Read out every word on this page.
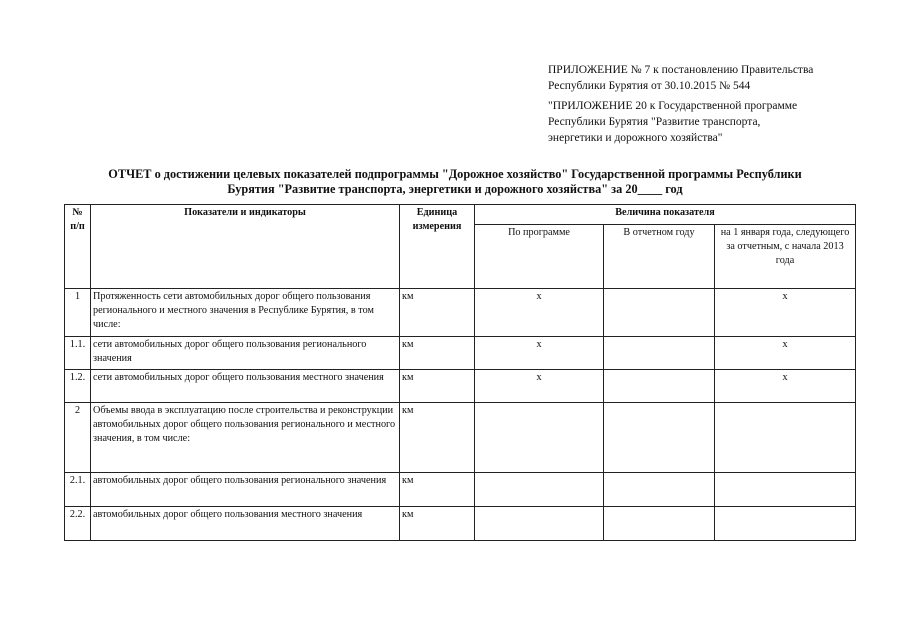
ПРИЛОЖЕНИЕ № 7 к постановлению Правительства
Республики Бурятия от 30.10.2015 № 544
"ПРИЛОЖЕНИЕ 20 к Государственной программе
Республики Бурятия "Развитие транспорта,
энергетики и дорожного хозяйства"
ОТЧЕТ о достижении целевых показателей подпрограммы "Дорожное хозяйство" Государственной программы Республики
Бурятия "Развитие транспорта, энергетики и дорожного хозяйства" за 20____ год
№ п/п	Показатели и индикаторы	Единица измерения	Величина показателя		
			По программе	В отчетном году	на 1 января года, следующего за отчетным, с начала 2013 года
1	Протяженность сети автомобильных дорог общего пользования регионального и местного значения в Республике Бурятия, в том числе:	км	х		х
1.1.	сети автомобильных дорог общего пользования регионального значения	км	х		х
1.2.	сети автомобильных дорог общего пользования местного значения	км	х		х
2	Объемы ввода в эксплуатацию после строительства и реконструкции автомобильных дорог общего пользования регионального и местного значения, в том числе:	км			
2.1.	автомобильных дорог общего пользования регионального значения	км			
2.2.	автомобильных дорог общего пользования местного значения	км			
